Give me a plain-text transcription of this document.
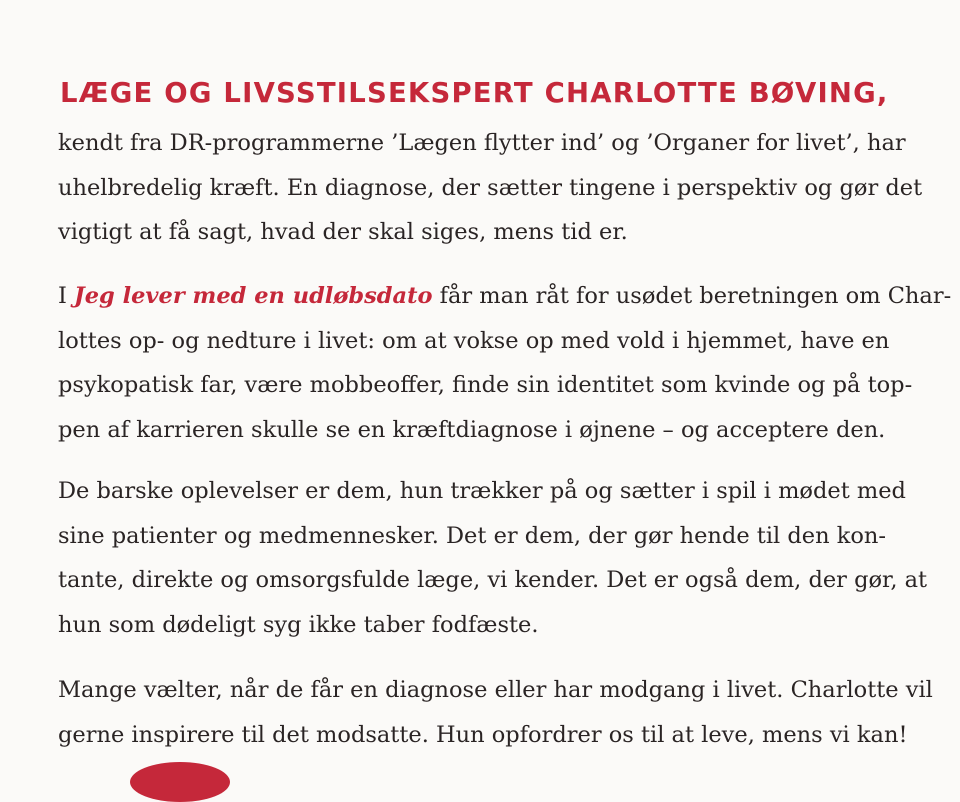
LÆGE OG LIVSSTILSEKSPERT CHARLOTTE BØVING,
kendt fra DR-programmerne ’Lægen flytter ind’ og ’Organer for livet’, har
uhelbredelig kræft. En diagnose, der sætter tingene i perspektiv og gør det
vigtigt at få sagt, hvad der skal siges, mens tid er.
I Jeg lever med en udløbsdato får man råt for usødet beretningen om Char-
lottes op- og nedture i livet: om at vokse op med vold i hjemmet, have en
psykopatisk far, være mobbeoffer, finde sin identitet som kvinde og på top-
pen af karrieren skulle se en kræftdiagnose i øjnene – og acceptere den.
De barske oplevelser er dem, hun trækker på og sætter i spil i mødet med
sine patienter og medmennesker. Det er dem, der gør hende til den kon-
tante, direkte og omsorgsfulde læge, vi kender. Det er også dem, der gør, at
hun som dødeligt syg ikke taber fodfæste.
Mange vælter, når de får en diagnose eller har modgang i livet. Charlotte vil
gerne inspirere til det modsatte. Hun opfordrer os til at leve, mens vi kan!
